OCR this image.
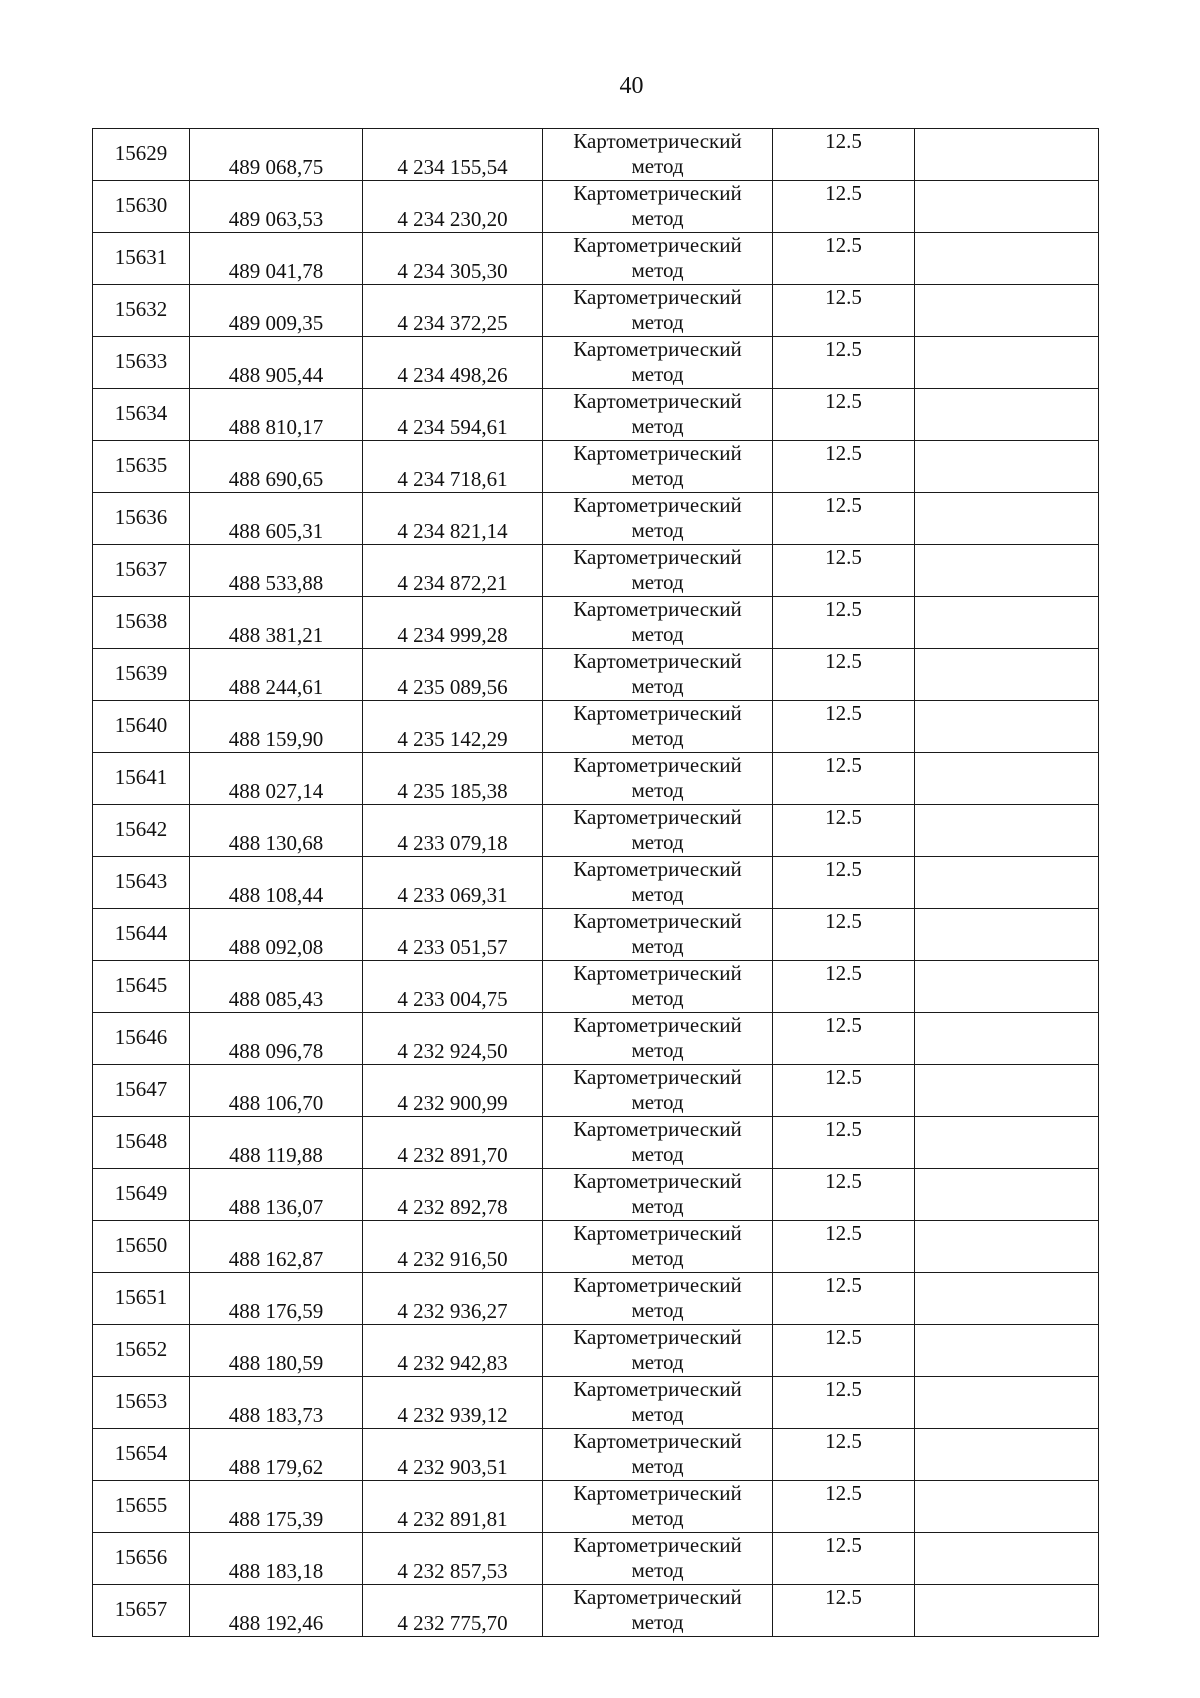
40
15629	489 068,75	4 234 155,54	Картометрический
метод	12.5	

15630	489 063,53	4 234 230,20	Картометрический
метод	12.5	

15631	489 041,78	4 234 305,30	Картометрический
метод	12.5	

15632	489 009,35	4 234 372,25	Картометрический
метод	12.5	

15633	488 905,44	4 234 498,26	Картометрический
метод	12.5	

15634	488 810,17	4 234 594,61	Картометрический
метод	12.5	

15635	488 690,65	4 234 718,61	Картометрический
метод	12.5	

15636	488 605,31	4 234 821,14	Картометрический
метод	12.5	

15637	488 533,88	4 234 872,21	Картометрический
метод	12.5	

15638	488 381,21	4 234 999,28	Картометрический
метод	12.5	

15639	488 244,61	4 235 089,56	Картометрический
метод	12.5	

15640	488 159,90	4 235 142,29	Картометрический
метод	12.5	

15641	488 027,14	4 235 185,38	Картометрический
метод	12.5	

15642	488 130,68	4 233 079,18	Картометрический
метод	12.5	

15643	488 108,44	4 233 069,31	Картометрический
метод	12.5	

15644	488 092,08	4 233 051,57	Картометрический
метод	12.5	

15645	488 085,43	4 233 004,75	Картометрический
метод	12.5	

15646	488 096,78	4 232 924,50	Картометрический
метод	12.5	

15647	488 106,70	4 232 900,99	Картометрический
метод	12.5	

15648	488 119,88	4 232 891,70	Картометрический
метод	12.5	

15649	488 136,07	4 232 892,78	Картометрический
метод	12.5	

15650	488 162,87	4 232 916,50	Картометрический
метод	12.5	

15651	488 176,59	4 232 936,27	Картометрический
метод	12.5	

15652	488 180,59	4 232 942,83	Картометрический
метод	12.5	

15653	488 183,73	4 232 939,12	Картометрический
метод	12.5	

15654	488 179,62	4 232 903,51	Картометрический
метод	12.5	

15655	488 175,39	4 232 891,81	Картометрический
метод	12.5	

15656	488 183,18	4 232 857,53	Картометрический
метод	12.5	

15657	488 192,46	4 232 775,70	Картометрический
метод	12.5	
